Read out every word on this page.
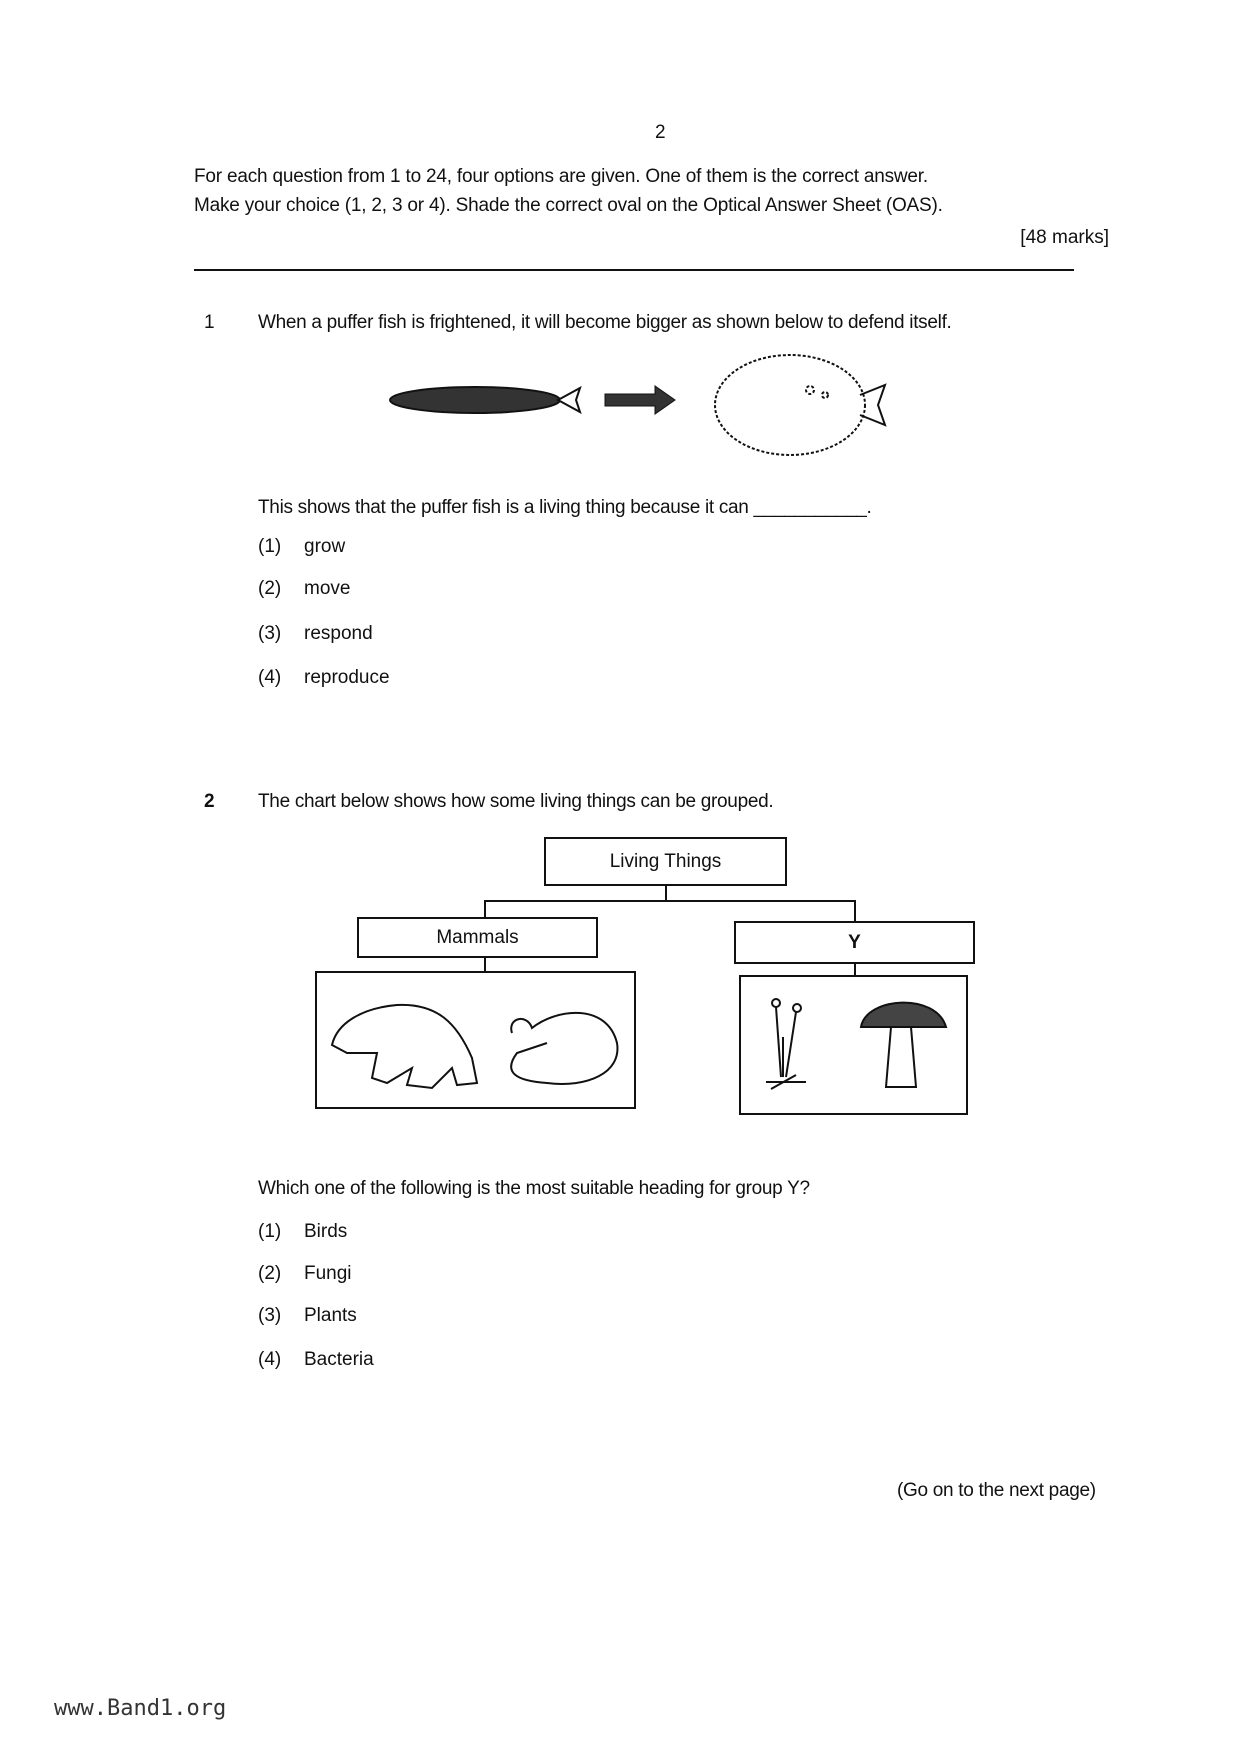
2
For each question from 1 to 24, four options are given. One of them is the correct answer.
Make your choice (1, 2, 3 or 4). Shade the correct oval on the Optical Answer Sheet (OAS).
[48 marks]
1 When a puffer fish is frightened, it will become bigger as shown below to defend itself.
This shows that the puffer fish is a living thing because it can ___________.
(1) grow
(2) move
(3) respond
(4) reproduce
2 The chart below shows how some living things can be grouped.
Living Things
Mammals	Y
Which one of the following is the most suitable heading for group Y?
(1) Birds
(2) Fungi
(3) Plants
(4) Bacteria
(Go on to the next page)
www.Band1.org
